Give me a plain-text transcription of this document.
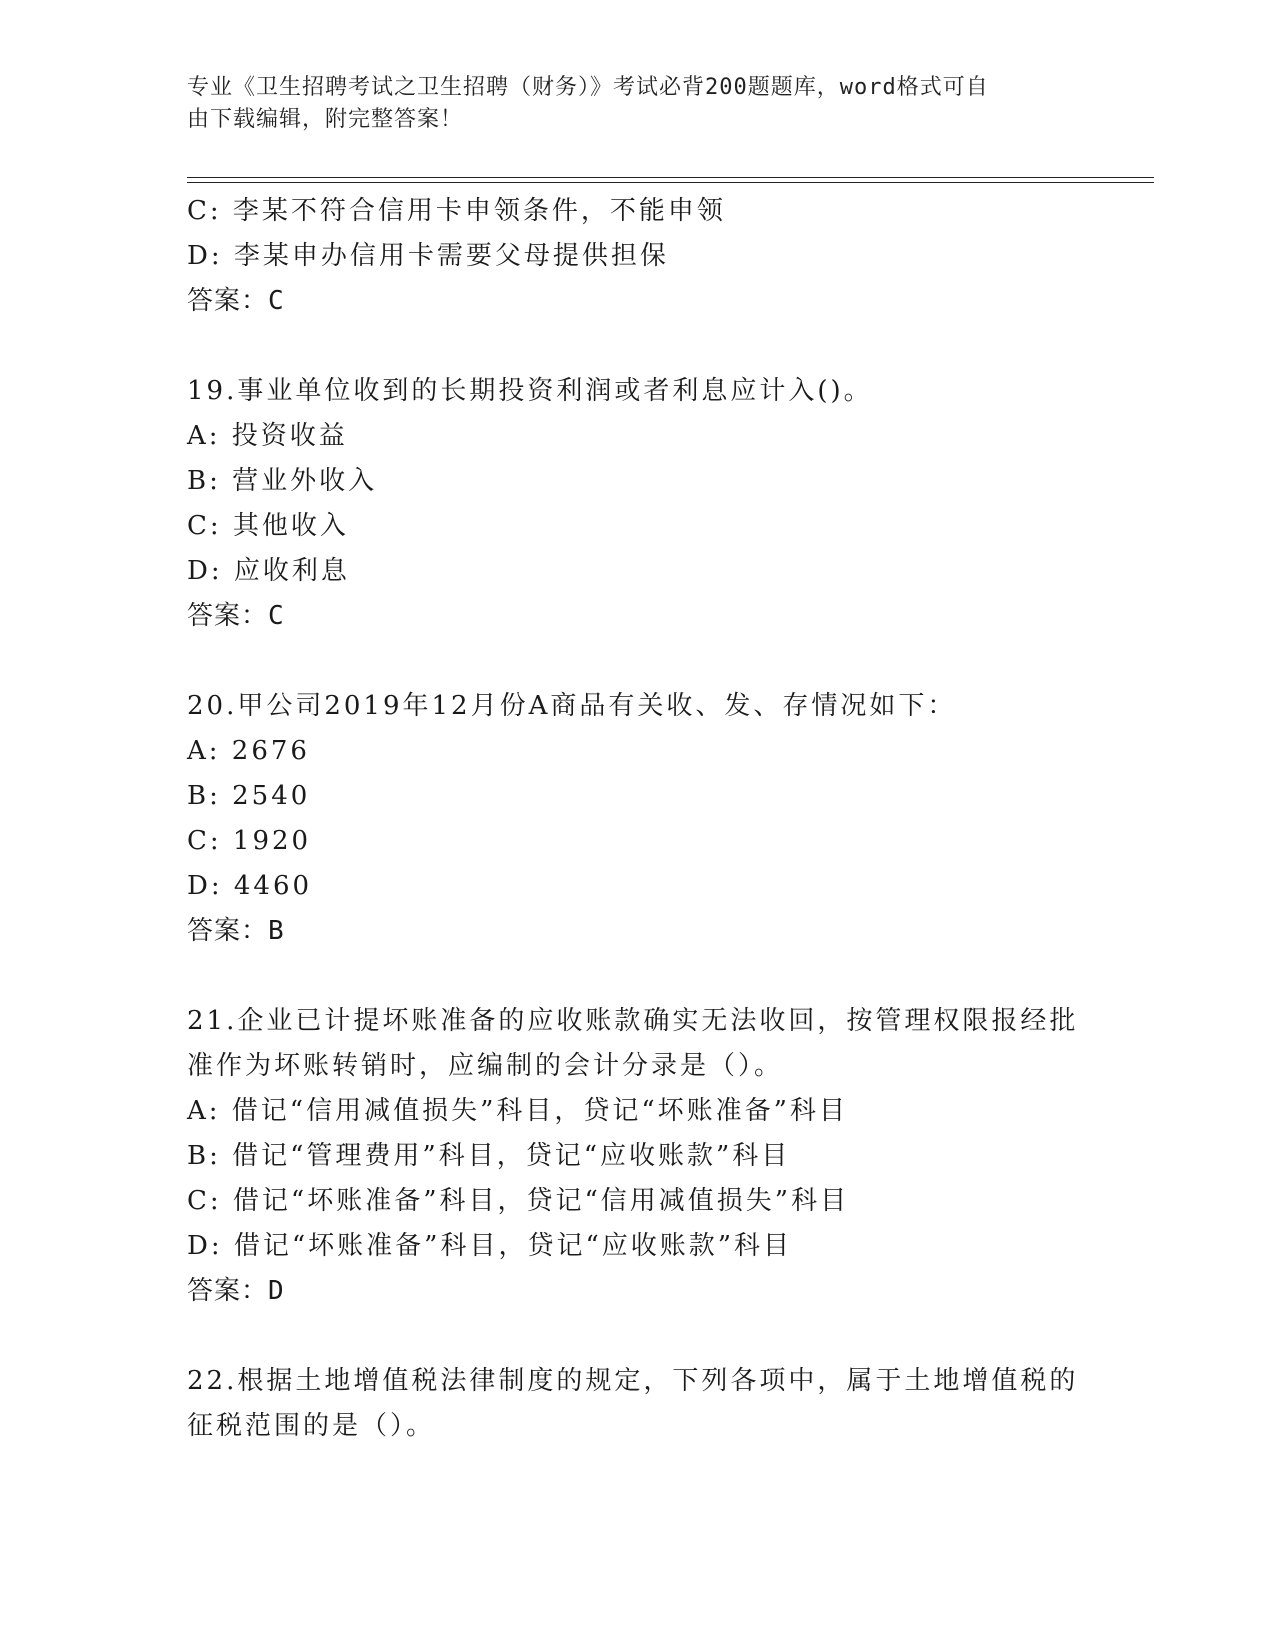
专业《卫生招聘考试之卫生招聘（财务）》考试必背200题题库，word格式可自
由下载编辑，附完整答案！
C: 李某不符合信用卡申领条件，不能申领
D: 李某申办信用卡需要父母提供担保
答案：C
19.事业单位收到的长期投资利润或者利息应计入()。
A: 投资收益
B: 营业外收入
C: 其他收入
D: 应收利息
答案：C
20.甲公司2019年12月份A商品有关收、发、存情况如下：
A: 2676
B: 2540
C: 1920
D: 4460
答案：B
21.企业已计提坏账准备的应收账款确实无法收回，按管理权限报经批
准作为坏账转销时，应编制的会计分录是（）。
A: 借记“信用减值损失”科目，贷记“坏账准备”科目
B: 借记“管理费用”科目，贷记“应收账款”科目
C: 借记“坏账准备”科目，贷记“信用减值损失”科目
D: 借记“坏账准备”科目，贷记“应收账款”科目
答案：D
22.根据土地增值税法律制度的规定，下列各项中，属于土地增值税的
征税范围的是（）。
